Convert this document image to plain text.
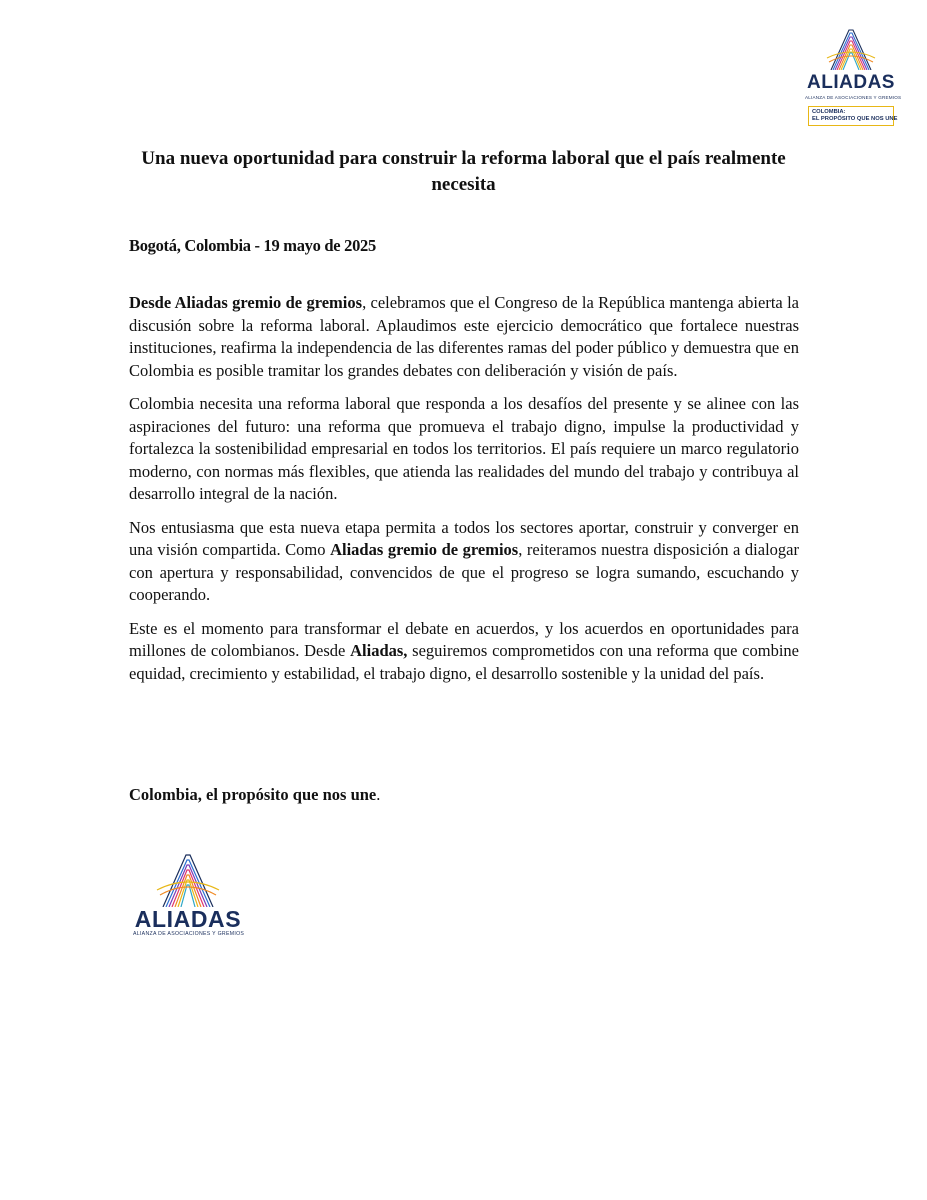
ALIADAS
ALIANZA DE ASOCIACIONES Y GREMIOS
COLOMBIA:
EL PROPÓSITO QUE NOS UNE
Una nueva oportunidad para construir la reforma laboral que el país realmente necesita

Bogotá, Colombia - 19 mayo de 2025

Desde Aliadas gremio de gremios, celebramos que el Congreso de la República mantenga abierta la discusión sobre la reforma laboral. Aplaudimos este ejercicio democrático que fortalece nuestras instituciones, reafirma la independencia de las diferentes ramas del poder público y demuestra que en Colombia es posible tramitar los grandes debates con deliberación y visión de país.

Colombia necesita una reforma laboral que responda a los desafíos del presente y se alinee con las aspiraciones del futuro: una reforma que promueva el trabajo digno, impulse la productividad y fortalezca la sostenibilidad empresarial en todos los territorios. El país requiere un marco regulatorio moderno, con normas más flexibles, que atienda las realidades del mundo del trabajo y contribuya al desarrollo integral de la nación.

Nos entusiasma que esta nueva etapa permita a todos los sectores aportar, construir y converger en una visión compartida. Como Aliadas gremio de gremios, reiteramos nuestra disposición a dialogar con apertura y responsabilidad, convencidos de que el progreso se logra sumando, escuchando y cooperando.

Este es el momento para transformar el debate en acuerdos, y los acuerdos en oportunidades para millones de colombianos. Desde Aliadas, seguiremos comprometidos con una reforma que combine equidad, crecimiento y estabilidad, el trabajo digno, el desarrollo sostenible y la unidad del país.

Colombia, el propósito que nos une.

ALIADAS
ALIANZA DE ASOCIACIONES Y GREMIOS
